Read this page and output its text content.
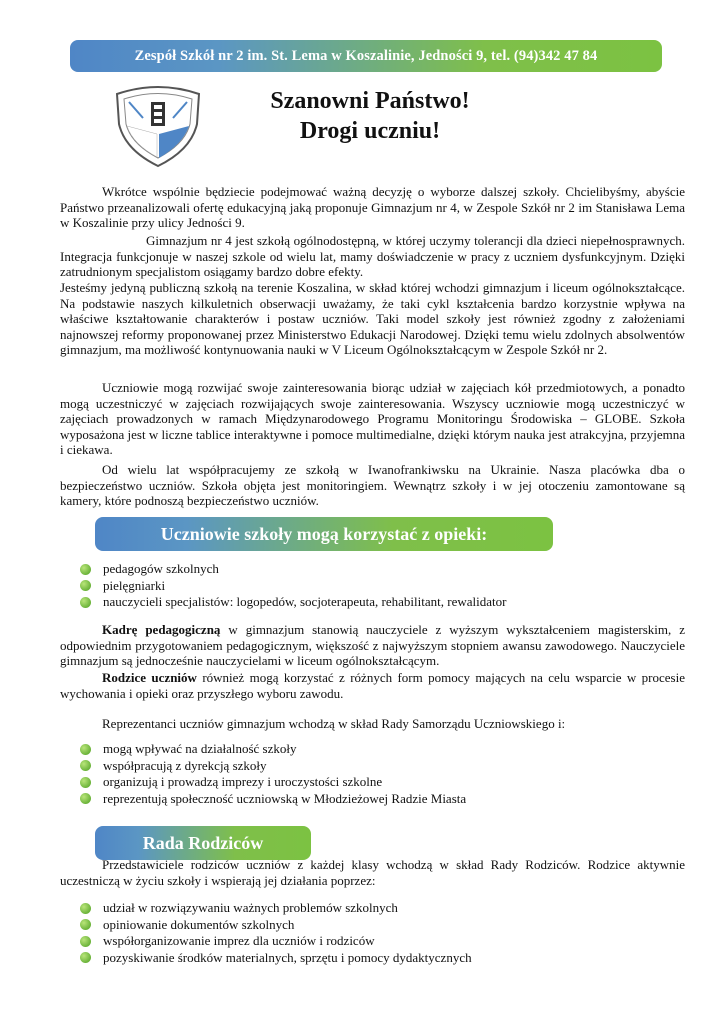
Zespół Szkół nr 2 im. St. Lema w Koszalinie, Jedności 9, tel. (94)342 47 84
Szanowni Państwo!
Drogi uczniu!

Wkrótce wspólnie będziecie podejmować ważną decyzję o wyborze dalszej szkoły. Chcielibyśmy, abyście Państwo przeanalizowali ofertę edukacyjną jaką proponuje Gimnazjum nr 4, w Zespole Szkół nr 2 im Stanisława Lema w Koszalinie przy ulicy Jedności 9.

Gimnazjum nr 4 jest szkołą ogólnodostępną, w której uczymy tolerancji dla dzieci niepełnosprawnych. Integracja funkcjonuje w naszej szkole od wielu lat, mamy doświadczenie w pracy z uczniem dysfunkcyjnym. Dzięki zatrudnionym specjalistom osiągamy bardzo dobre efekty.

Jesteśmy jedyną publiczną szkołą na terenie Koszalina, w skład której wchodzi gimnazjum i liceum ogólnokształcące. Na podstawie naszych kilkuletnich obserwacji uważamy, że taki cykl kształcenia bardzo korzystnie wpływa na właściwe kształtowanie charakterów i postaw uczniów. Taki model szkoły jest również zgodny z założeniami najnowszej reformy proponowanej przez Ministerstwo Edukacji Narodowej. Dzięki temu wielu zdolnych absolwentów gimnazjum, ma możliwość kontynuowania nauki w V Liceum Ogólnokształcącym w Zespole Szkół nr 2.

Uczniowie mogą rozwijać swoje zainteresowania biorąc udział w zajęciach kół przedmiotowych, a ponadto mogą uczestniczyć w zajęciach rozwijających swoje zainteresowania. Wszyscy uczniowie mogą uczestniczyć w zajęciach prowadzonych w ramach Międzynarodowego Programu Monitoringu Środowiska – GLOBE. Szkoła wyposażona jest w liczne tablice interaktywne i pomoce multimedialne, dzięki którym nauka jest atrakcyjna, przyjemna i ciekawa.

Od wielu lat współpracujemy ze szkołą w Iwanofrankiwsku na Ukrainie. Nasza placówka dba o bezpieczeństwo uczniów. Szkoła objęta jest monitoringiem. Wewnątrz szkoły i w jej otoczeniu zamontowane są kamery, które podnoszą bezpieczeństwo uczniów.

Uczniowie szkoły mogą korzystać z opieki:
pedagogów szkolnych
pielęgniarki
nauczycieli specjalistów: logopedów, socjoterapeuta, rehabilitant, rewalidator

Kadrę pedagogiczną w gimnazjum stanowią nauczyciele z wyższym wykształceniem magisterskim, z odpowiednim przygotowaniem pedagogicznym, większość z najwyższym stopniem awansu zawodowego. Nauczyciele gimnazjum są jednocześnie nauczycielami w liceum ogólnokształcącym.

Rodzice uczniów również mogą korzystać z różnych form pomocy mających na celu wsparcie w procesie wychowania i opieki oraz przyszłego wyboru zawodu.

Reprezentanci uczniów gimnazjum wchodzą w skład Rady Samorządu Uczniowskiego i:

mogą wpływać na działalność szkoły
współpracują z dyrekcją szkoły
organizują i prowadzą imprezy i uroczystości szkolne
reprezentują społeczność uczniowską w Młodzieżowej Radzie Miasta
Rada Rodziców

Przedstawiciele rodziców uczniów z każdej klasy wchodzą w skład Rady Rodziców. Rodzice aktywnie uczestniczą w życiu szkoły i wspierają jej działania poprzez:

udział w rozwiązywaniu ważnych problemów szkolnych
opiniowanie dokumentów szkolnych
współorganizowanie imprez dla uczniów i rodziców
pozyskiwanie środków materialnych, sprzętu i pomocy dydaktycznych
